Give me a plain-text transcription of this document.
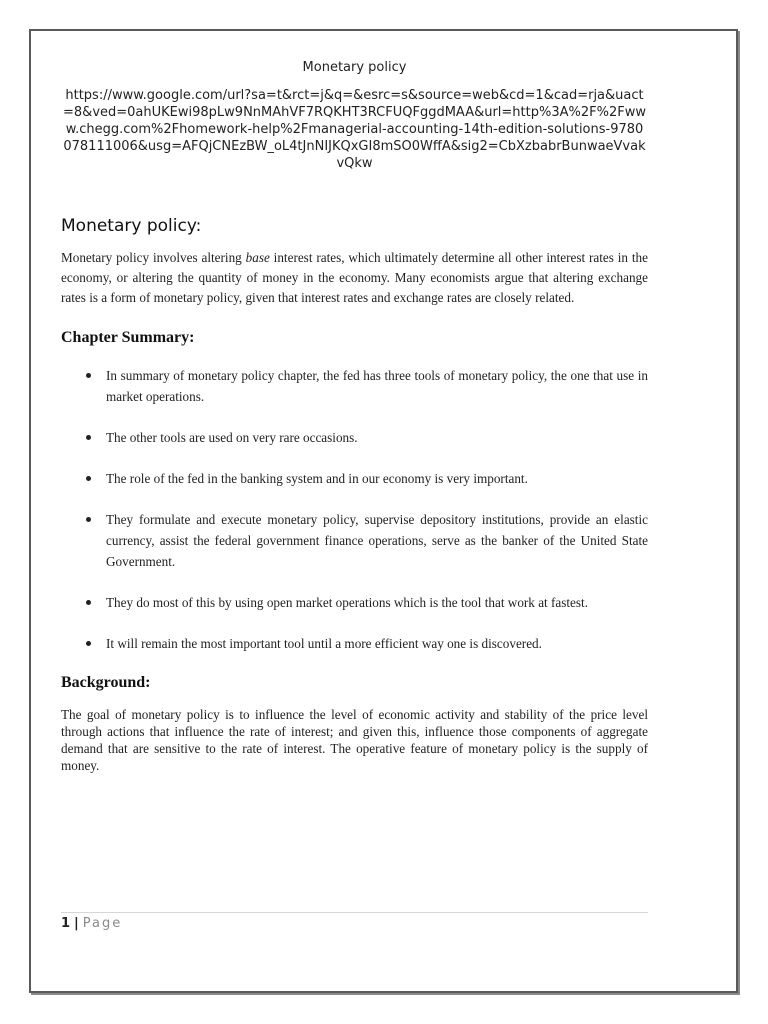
Monetary policy

https://www.google.com/url?sa=t&rct=j&q=&esrc=s&source=web&cd=1&cad=rja&uact=8&ved=0ahUKEwi98pLw9NnMAhVF7RQKHT3RCFUQFggdMAA&url=http%3A%2F%2Fwww.chegg.com%2Fhomework-help%2Fmanagerial-accounting-14th-edition-solutions-9780078111006&usg=AFQjCNEzBW_oL4tJnNIJKQxGI8mSO0WffA&sig2=CbXzbabrBunwaeVvakvQkw

Monetary policy:

Monetary policy involves altering base interest rates, which ultimately determine all other interest rates in the economy, or altering the quantity of money in the economy. Many economists argue that altering exchange rates is a form of monetary policy, given that interest rates and exchange rates are closely related.

Chapter Summary:
In summary of monetary policy chapter, the fed has three tools of monetary policy, the one that use in market operations.
The other tools are used on very rare occasions.
The role of the fed in the banking system and in our economy is very important.
They formulate and execute monetary policy, supervise depository institutions, provide an elastic currency, assist the federal government finance operations, serve as the banker of the United State Government.
They do most of this by using open market operations which is the tool that work at fastest.
It will remain the most important tool until a more efficient way one is discovered.
Background:

The goal of monetary policy is to influence the level of economic activity and stability of the price level through actions that influence the rate of interest; and given this, influence those components of aggregate demand that are sensitive to the rate of interest. The operative feature of monetary policy is the supply of money.

1 | Page
